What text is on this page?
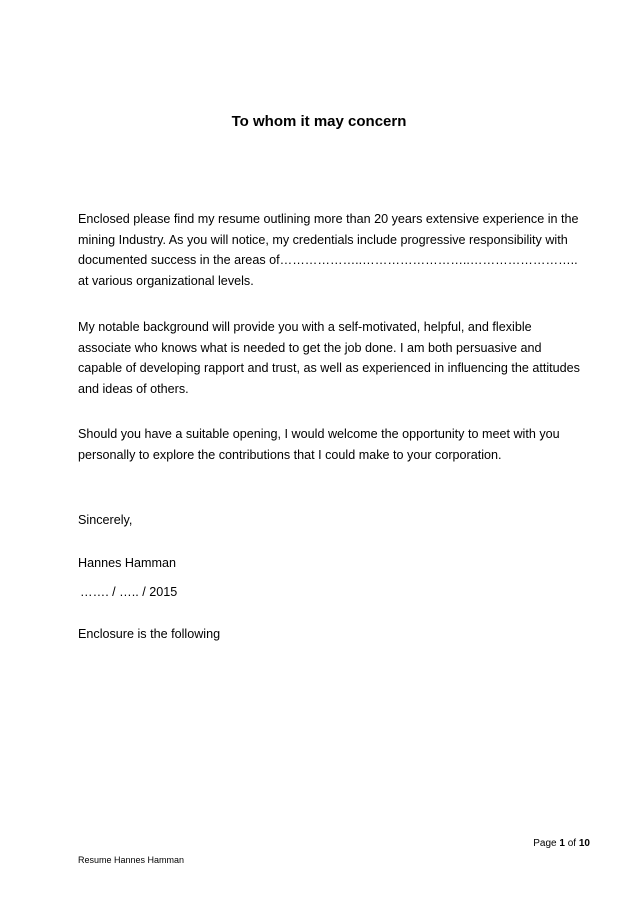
To whom it may concern

Enclosed please find my resume outlining more than 20 years extensive experience in the
mining Industry. As you will notice, my credentials include progressive responsibility with
documented success in the areas of………………..……………………..……………………..
at various organizational levels.

My notable background will provide you with a self-motivated, helpful, and flexible
associate who knows what is needed to get the job done. I am both persuasive and
capable of developing rapport and trust, as well as experienced in influencing the attitudes
and ideas of others.

Should you have a suitable opening, I would welcome the opportunity to meet with you
personally to explore the contributions that I could make to your corporation.

Sincerely,
Hannes Hamman
……. / ….. / 2015
Enclosure is the following
Page 1 of 10
Resume Hannes Hamman
